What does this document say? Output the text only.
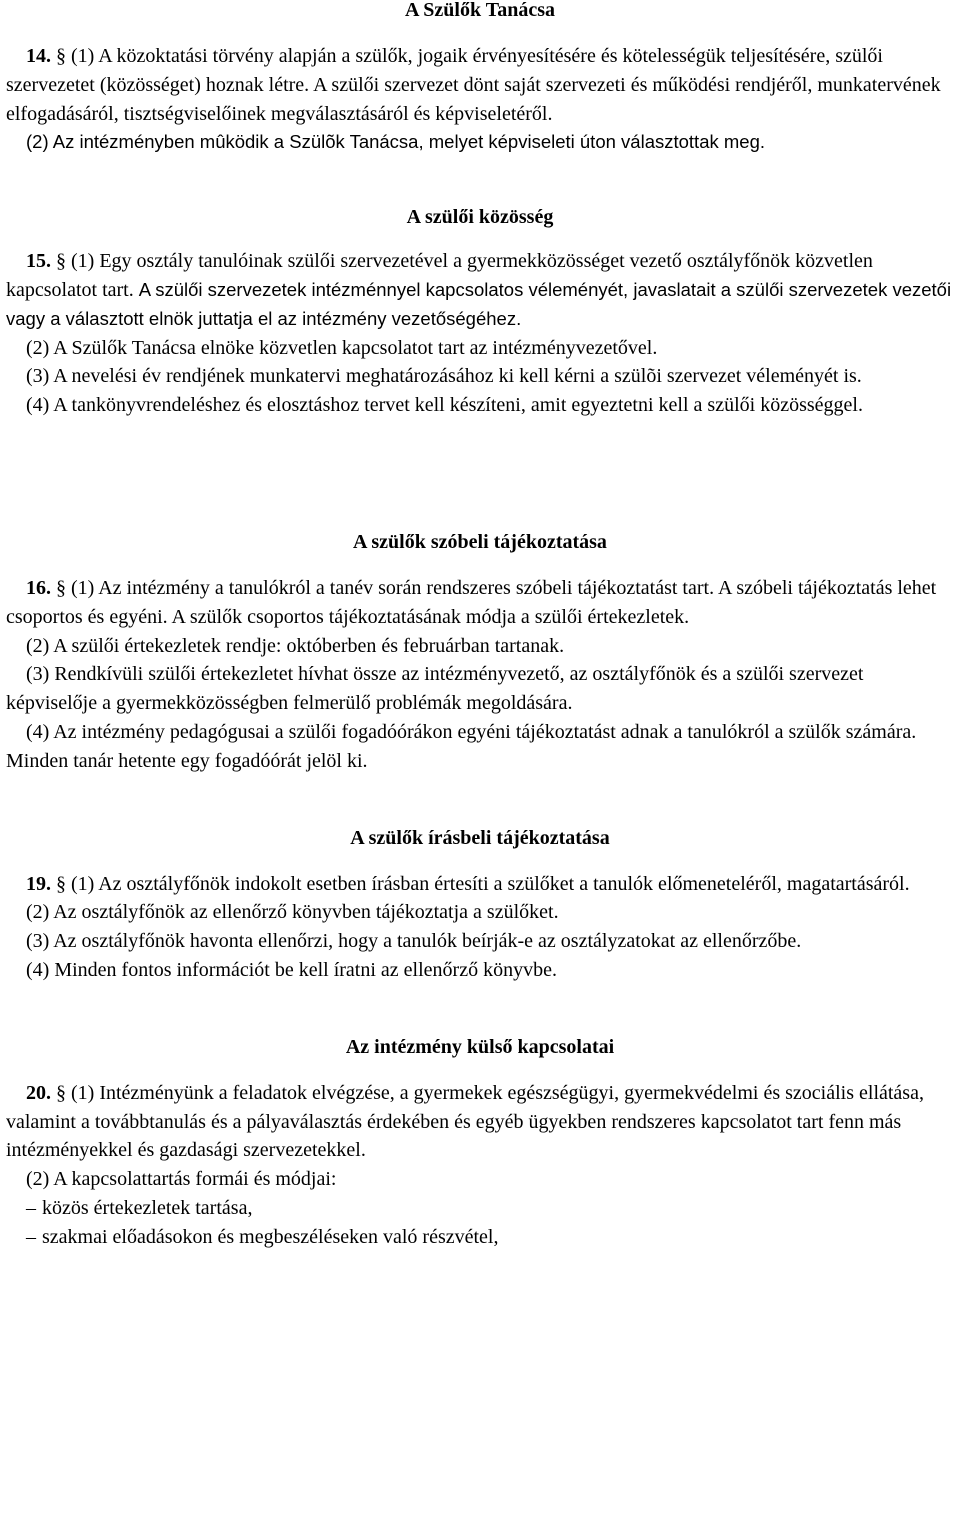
A Szülők Tanácsa

14. § (1) A közoktatási törvény alapján a szülők, jogaik érvényesítésére és kötelességük teljesítésére, szülői szervezetet (közösséget) hoznak létre. A szülői szervezet dönt saját szervezeti és működési rendjéről, munkatervének elfogadásáról, tisztségviselőinek megválasztásáról és képviseletéről.

(2) Az intézményben mûködik a Szülõk Tanácsa, melyet képviseleti úton választottak meg.

A szülői közösség

15. § (1) Egy osztály tanulóinak szülői szervezetével a gyermekközösséget vezető osztályfőnök közvetlen kapcsolatot tart. A szülői szervezetek intézménnyel kapcsolatos véleményét, javaslatait a szülői szervezetek vezetői vagy a választott elnök juttatja el az intézmény vezetőségéhez.

(2) A Szülők Tanácsa elnöke közvetlen kapcsolatot tart az intézményvezetővel.

(3) A nevelési év rendjének munkatervi meghatározásához ki kell kérni a szülõi szervezet véleményét is.

(4) A tankönyvrendeléshez és elosztáshoz tervet kell készíteni, amit egyeztetni kell a szülői közösséggel.

A szülők szóbeli tájékoztatása

16. § (1) Az intézmény a tanulókról a tanév során rendszeres szóbeli tájékoztatást tart. A szóbeli tájékoztatás lehet csoportos és egyéni. A szülők csoportos tájékoztatásának módja a szülői értekezletek.

(2) A szülői értekezletek rendje: októberben és februárban tartanak.

(3) Rendkívüli szülői értekezletet hívhat össze az intézményvezető, az osztályfőnök és a szülői szervezet képviselője a gyermekközösségben felmerülő problémák megoldására.

(4) Az intézmény pedagógusai a szülői fogadóórákon egyéni tájékoztatást adnak a tanulókról a szülők számára. Minden tanár hetente egy fogadóórát jelöl ki.

A szülők írásbeli tájékoztatása

19. § (1) Az osztályfőnök indokolt esetben írásban értesíti a szülőket a tanulók előmeneteléről, magatartásáról.

(2) Az osztályfőnök az ellenőrző könyvben tájékoztatja a szülőket.

(3) Az osztályfőnök havonta ellenőrzi, hogy a tanulók beírják-e az osztályzatokat az ellenőrzőbe.

(4) Minden fontos információt be kell íratni az ellenőrző könyvbe.

Az intézmény külső kapcsolatai

20. § (1) Intézményünk a feladatok elvégzése, a gyermekek egészségügyi, gyermekvédelmi és szociális ellátása, valamint a továbbtanulás és a pályaválasztás érdekében és egyéb ügyekben rendszeres kapcsolatot tart fenn más intézményekkel és gazdasági szervezetekkel.

(2) A kapcsolattartás formái és módjai:

– közös értekezletek tartása,
– szakmai előadásokon és megbeszéléseken való részvétel,
